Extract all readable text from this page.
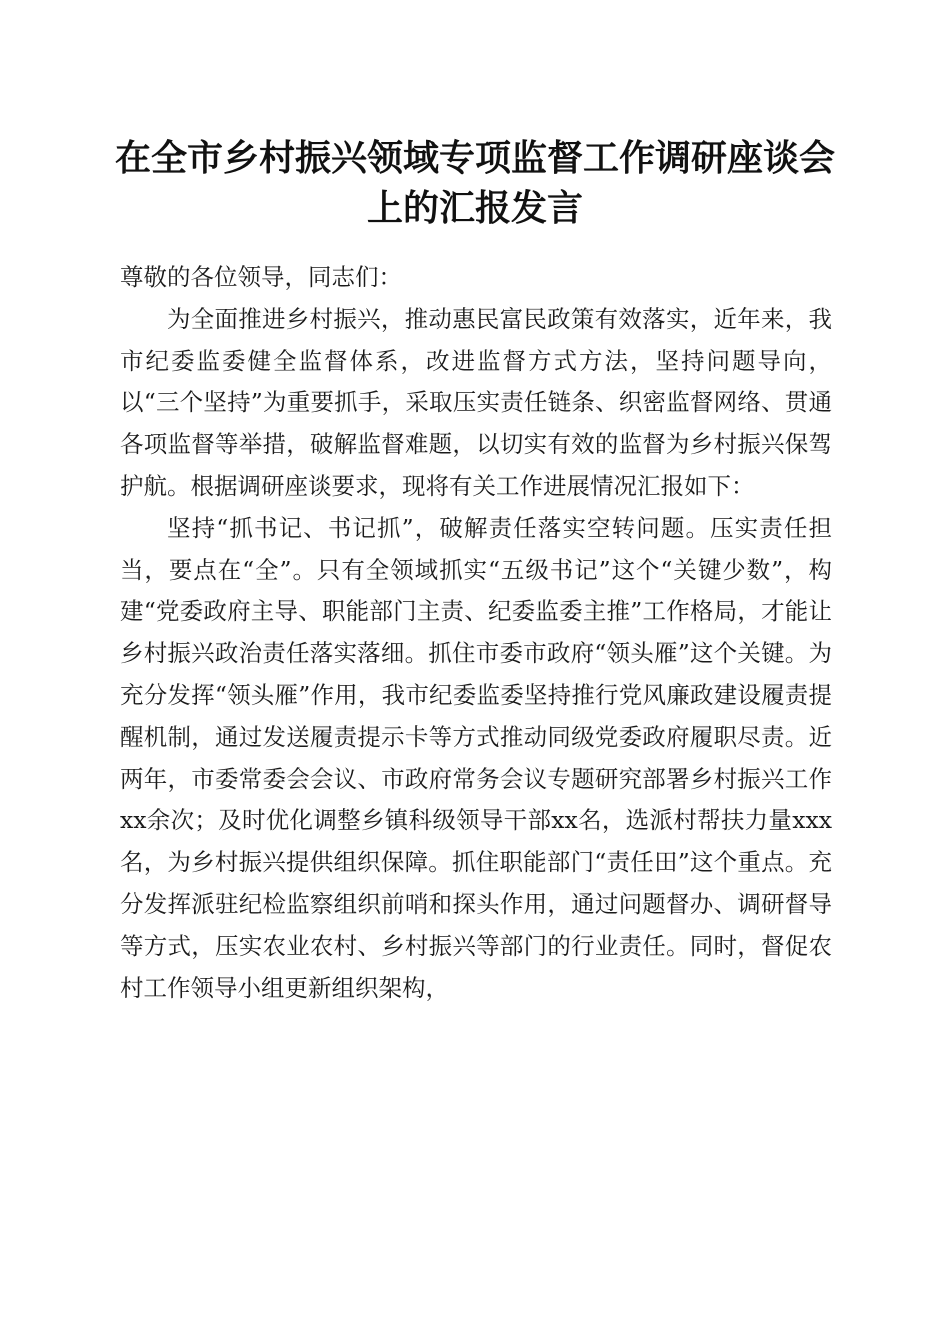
在全市乡村振兴领域专项监督工作调研座谈会
上的汇报发言

尊敬的各位领导，同志们：

为全面推进乡村振兴，推动惠民富民政策有效落实，近年来，我市纪委监委健全监督体系，改进监督方式方法，坚持问题导向，以“三个坚持”为重要抓手，采取压实责任链条、织密监督网络、贯通各项监督等举措，破解监督难题，以切实有效的监督为乡村振兴保驾护航。根据调研座谈要求，现将有关工作进展情况汇报如下：

坚持“抓书记、书记抓”，破解责任落实空转问题。压实责任担当，要点在“全”。只有全领域抓实“五级书记”这个“关键少数”，构建“党委政府主导、职能部门主责、纪委监委主推”工作格局，才能让乡村振兴政治责任落实落细。抓住市委市政府“领头雁”这个关键。为充分发挥“领头雁”作用，我市纪委监委坚持推行党风廉政建设履责提醒机制，通过发送履责提示卡等方式推动同级党委政府履职尽责。近两年，市委常委会会议、市政府常务会议专题研究部署乡村振兴工作xx余次；及时优化调整乡镇科级领导干部xx名，选派村帮扶力量xxx名，为乡村振兴提供组织保障。抓住职能部门“责任田”这个重点。充分发挥派驻纪检监察组织前哨和探头作用，通过问题督办、调研督导等方式，压实农业农村、乡村振兴等部门的行业责任。同时，督促农村工作领导小组更新组织架构，
